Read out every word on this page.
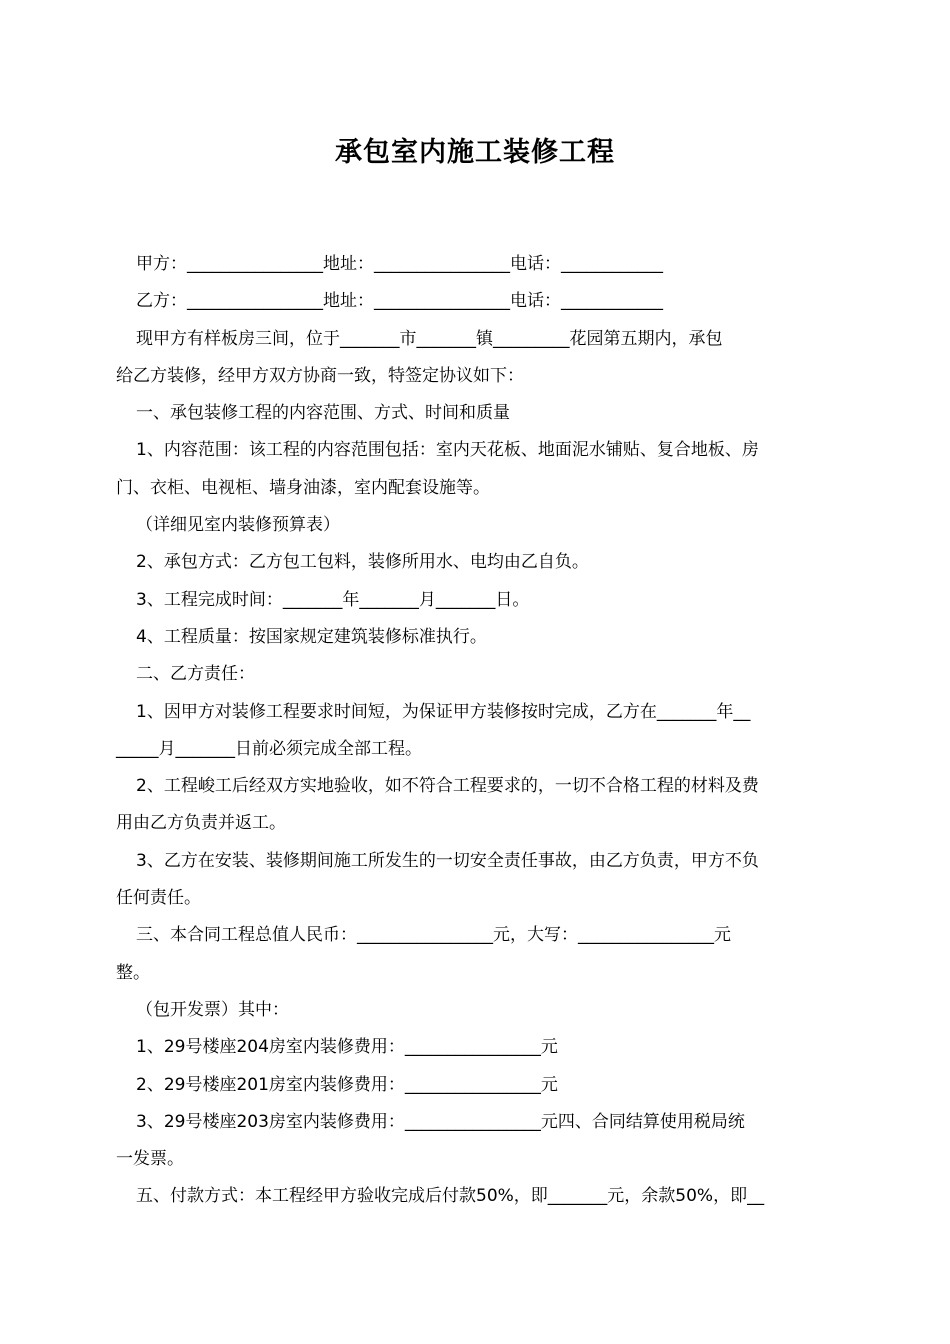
承包室内施工装修工程

甲方：________________地址：________________电话：____________

乙方：________________地址：________________电话：____________

现甲方有样板房三间，位于_______市_______镇_________花园第五期内，承包

给乙方装修，经甲方双方协商一致，特签定协议如下：

一、承包装修工程的内容范围、方式、时间和质量

1、内容范围：该工程的内容范围包括：室内天花板、地面泥水铺贴、复合地板、房

门、衣柜、电视柜、墙身油漆，室内配套设施等。

（详细见室内装修预算表）

2、承包方式：乙方包工包料，装修所用水、电均由乙自负。

3、工程完成时间：_______年_______月_______日。

4、工程质量：按国家规定建筑装修标准执行。

二、乙方责任：

1、因甲方对装修工程要求时间短，为保证甲方装修按时完成，乙方在_______年__

_____月_______日前必须完成全部工程。

2、工程峻工后经双方实地验收，如不符合工程要求的，一切不合格工程的材料及费

用由乙方负责并返工。

3、乙方在安装、装修期间施工所发生的一切安全责任事故，由乙方负责，甲方不负

任何责任。

三、本合同工程总值人民币：________________元，大写：________________元

整。

（包开发票）其中：

1、29号楼座204房室内装修费用：________________元

2、29号楼座201房室内装修费用：________________元

3、29号楼座203房室内装修费用：________________元四、合同结算使用税局统

一发票。

五、付款方式：本工程经甲方验收完成后付款50%，即_______元，余款50%，即__
